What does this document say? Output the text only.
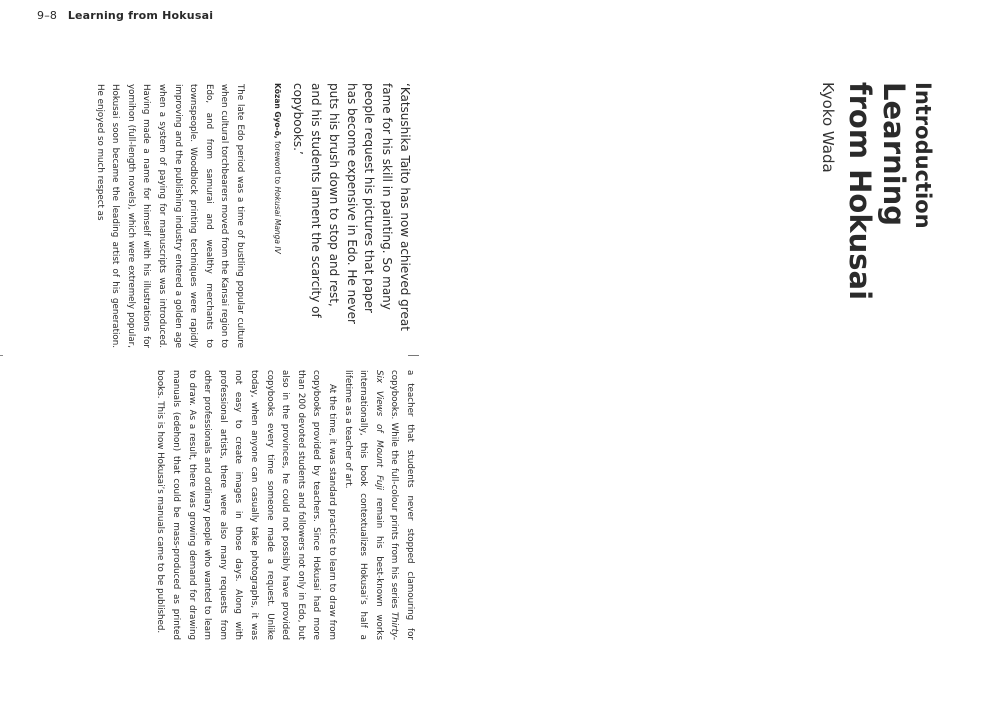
9–8 Learning from Hokusai
Introduction
Learning
from Hokusai
Kyoko Wada
‘Katsushika Taito has now achieved great fame for his skill in painting. So many people request his pictures that paper has become expensive in Edo. He never puts his brush down to stop and rest, and his students lament the scarcity of copybooks.’
Kōzan Gyo-ō, foreword to Hokusai Manga IV

The late Edo period was a time of bustling popular culture when cultural torchbearers moved from the Kansai region to Edo, and from samurai and wealthy merchants to townspeople. Woodblock printing techniques were rapidly improving and the publishing industry entered a golden age when a system of paying for manuscripts was introduced. Having made a name for himself with his illustrations for yomihon (full-length novels), which were extremely popular, Hokusai soon became the leading artist of his generation. He enjoyed so much respect as

a teacher that students never stopped clamouring for copybooks. While the full-colour prints from his series Thirty-Six Views of Mount Fuji remain his best-known works internationally, this book contextualizes Hokusai’s half a lifetime as a teacher of art.

At the time, it was standard practice to learn to draw from copybooks provided by teachers. Since Hokusai had more than 200 devoted students and followers not only in Edo, but also in the provinces, he could not possibly have provided copybooks every time someone made a request. Unlike today, when anyone can casually take photographs, it was not easy to create images in those days. Along with professional artists, there were also many requests from other professionals and ordinary people who wanted to learn to draw. As a result, there was growing demand for drawing manuals (edehon) that could be mass-produced as printed books. This is how Hokusai’s manuals came to be published.
